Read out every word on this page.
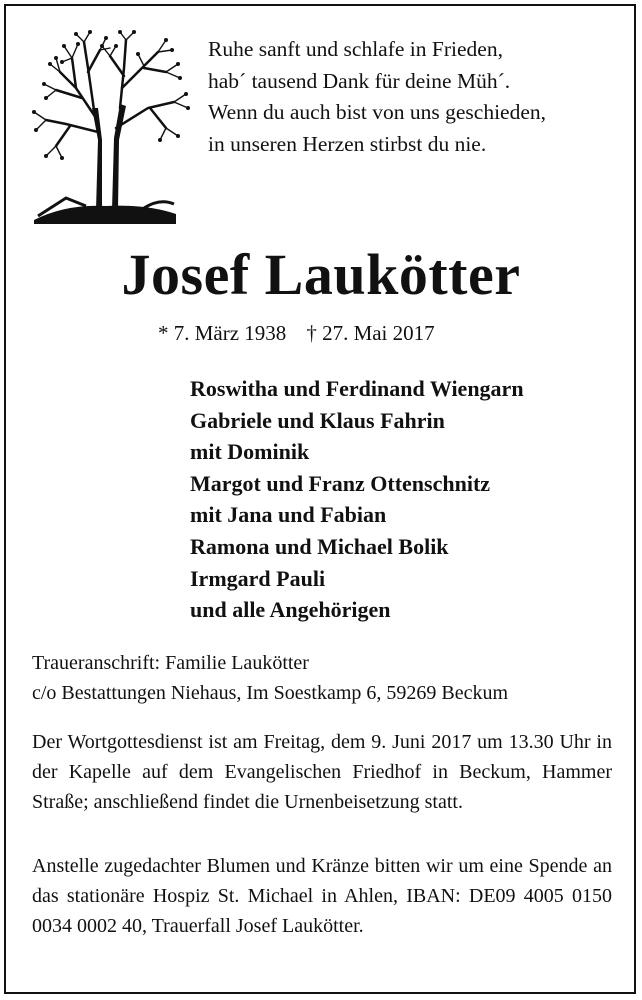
Ruhe sanft und schlafe in Frieden,
hab´ tausend Dank für deine Müh´.
Wenn du auch bist von uns geschieden,
in unseren Herzen stirbst du nie.
Josef Laukötter
* 7. März 1938 † 27. Mai 2017
Roswitha und Ferdinand Wiengarn
Gabriele und Klaus Fahrin
mit Dominik
Margot und Franz Ottenschnitz
mit Jana und Fabian
Ramona und Michael Bolik
Irmgard Pauli
und alle Angehörigen
Traueranschrift: Familie Laukötter
c/o Bestattungen Niehaus, Im Soestkamp 6, 59269 Beckum
Der Wortgottesdienst ist am Freitag, dem 9. Juni 2017 um 13.30 Uhr in der Kapelle auf dem Evangelischen Friedhof in Beckum, Hammer Straße; anschließend findet die Urnenbeisetzung statt.
Anstelle zugedachter Blumen und Kränze bitten wir um eine Spende an das stationäre Hospiz St. Michael in Ahlen, IBAN: DE09 4005 0150 0034 0002 40, Trauerfall Josef Laukötter.
